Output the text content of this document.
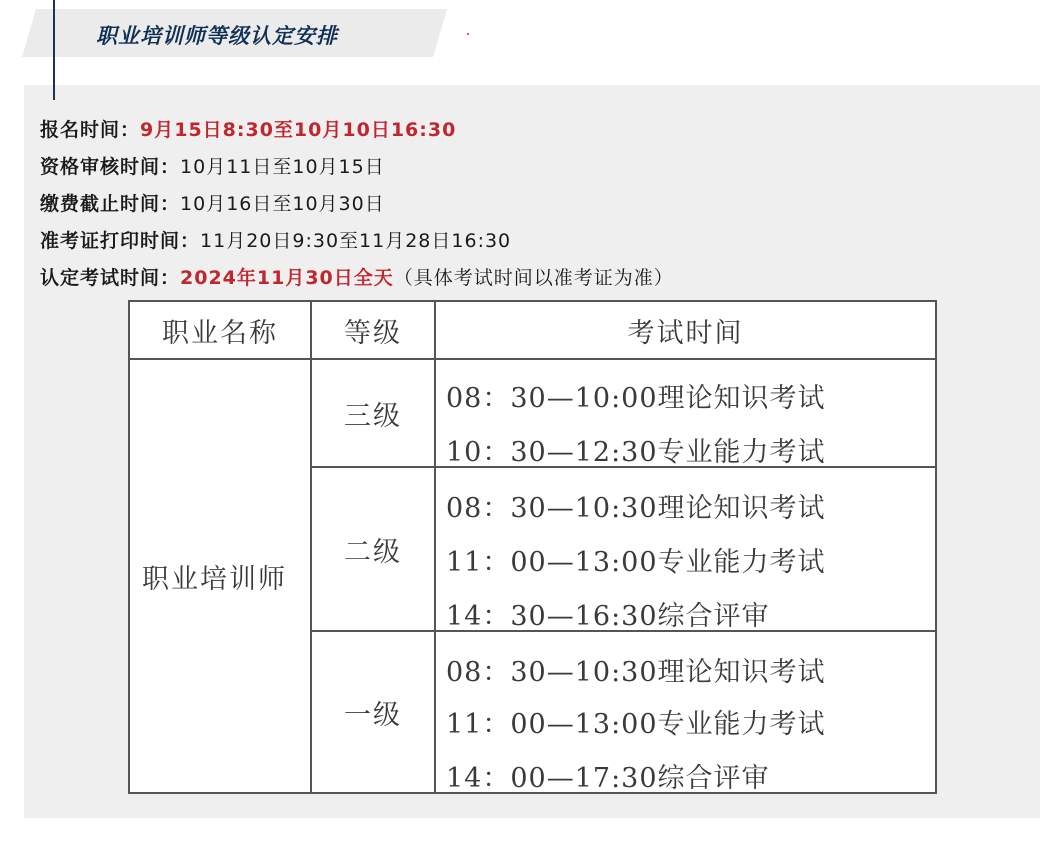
职业培训师等级认定安排
报名时间：9月15日8:30至10月10日16:30
资格审核时间：10月11日至10月15日
缴费截止时间：10月16日至10月30日
准考证打印时间：11月20日9:30至11月28日16:30
认定考试时间：2024年11月30日全天（具体考试时间以准考证为准）
职业名称	等级	考试时间
职业培训师
三级
二级
一级
08：30—10:00理论知识考试
10：30—12:30专业能力考试
08：30—10:30理论知识考试
11：00—13:00专业能力考试
14：30—16:30综合评审
08：30—10:30理论知识考试
11：00—13:00专业能力考试
14：00—17:30综合评审
